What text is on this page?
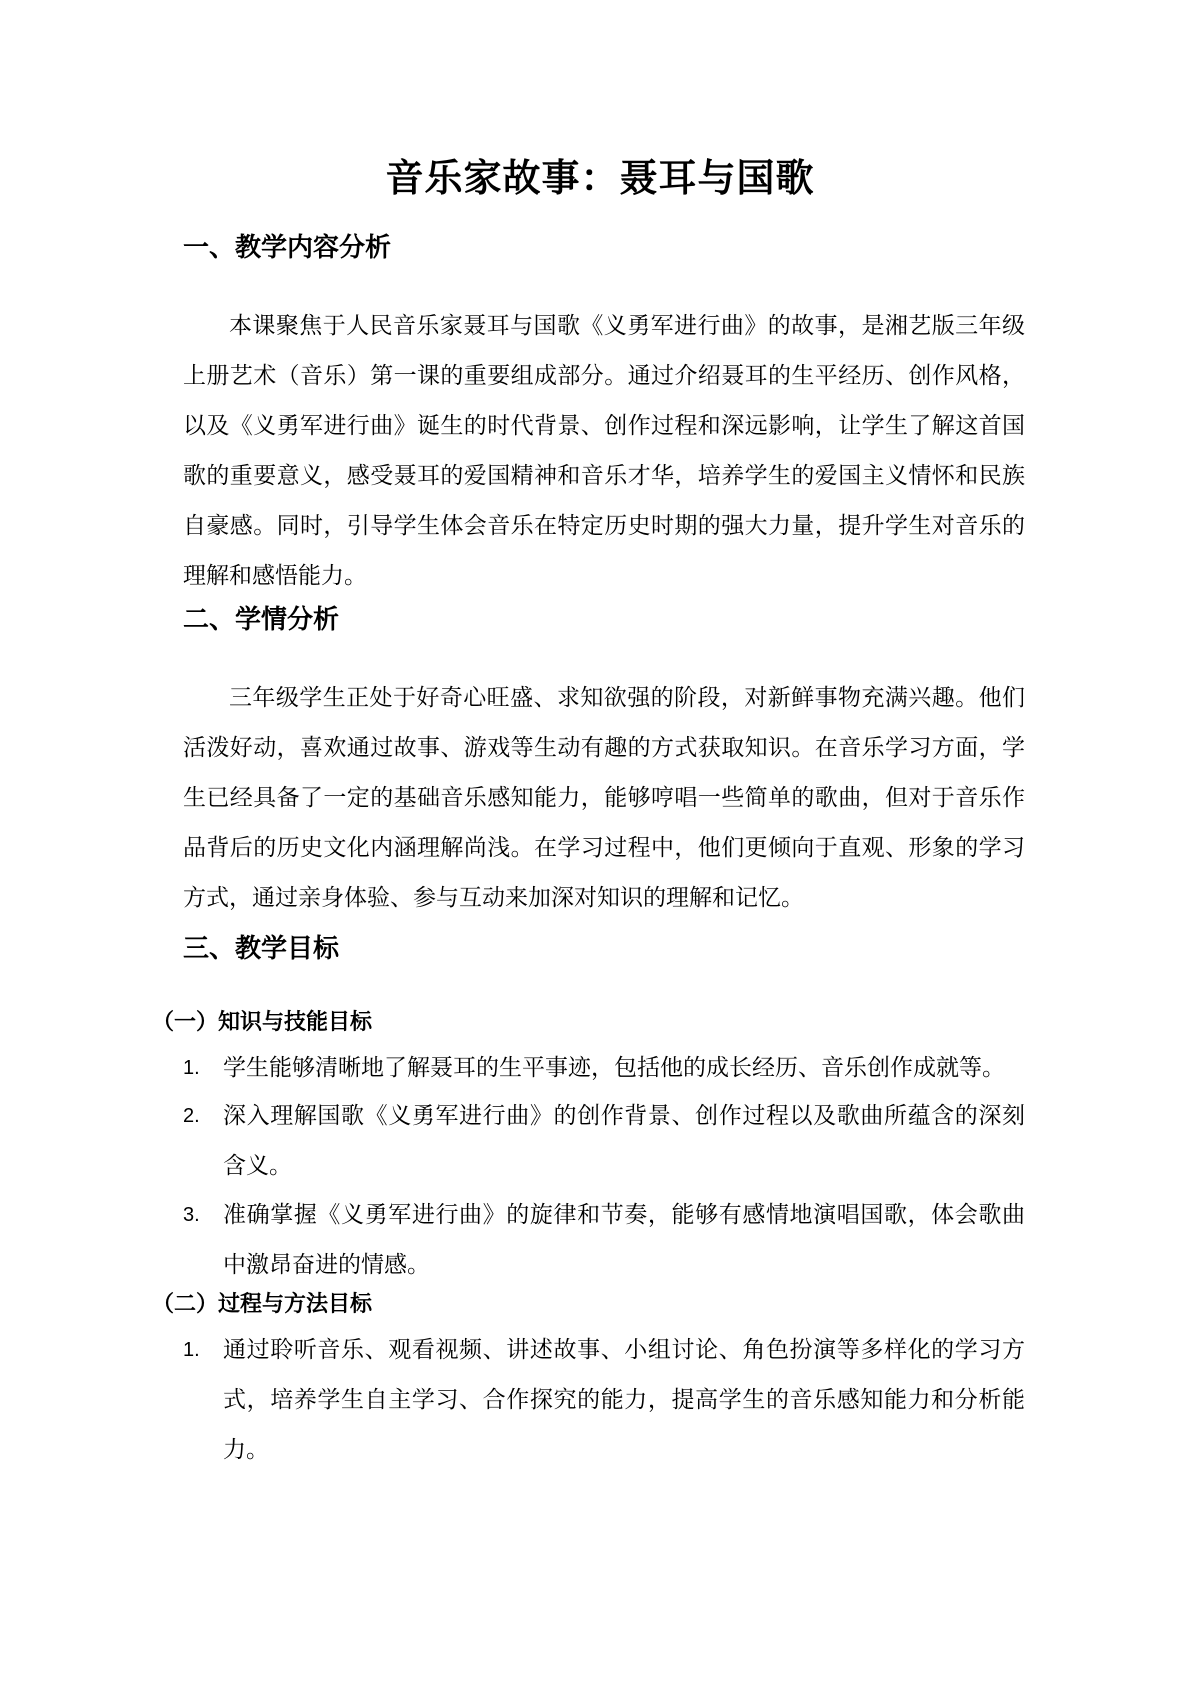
音乐家故事：聂耳与国歌
一、教学内容分析
本课聚焦于人民音乐家聂耳与国歌《义勇军进行曲》的故事，是湘艺版三年级上册艺术（音乐）第一课的重要组成部分。通过介绍聂耳的生平经历、创作风格，以及《义勇军进行曲》诞生的时代背景、创作过程和深远影响，让学生了解这首国歌的重要意义，感受聂耳的爱国精神和音乐才华，培养学生的爱国主义情怀和民族自豪感。同时，引导学生体会音乐在特定历史时期的强大力量，提升学生对音乐的理解和感悟能力。
二、学情分析
三年级学生正处于好奇心旺盛、求知欲强的阶段，对新鲜事物充满兴趣。他们活泼好动，喜欢通过故事、游戏等生动有趣的方式获取知识。在音乐学习方面，学生已经具备了一定的基础音乐感知能力，能够哼唱一些简单的歌曲，但对于音乐作品背后的历史文化内涵理解尚浅。在学习过程中，他们更倾向于直观、形象的学习方式，通过亲身体验、参与互动来加深对知识的理解和记忆。
三、教学目标
（一）知识与技能目标
1.	学生能够清晰地了解聂耳的生平事迹，包括他的成长经历、音乐创作成就等。
2.	深入理解国歌《义勇军进行曲》的创作背景、创作过程以及歌曲所蕴含的深刻含义。
3.	准确掌握《义勇军进行曲》的旋律和节奏，能够有感情地演唱国歌，体会歌曲中激昂奋进的情感。
（二）过程与方法目标
1.	通过聆听音乐、观看视频、讲述故事、小组讨论、角色扮演等多样化的学习方式，培养学生自主学习、合作探究的能力，提高学生的音乐感知能力和分析能力。
